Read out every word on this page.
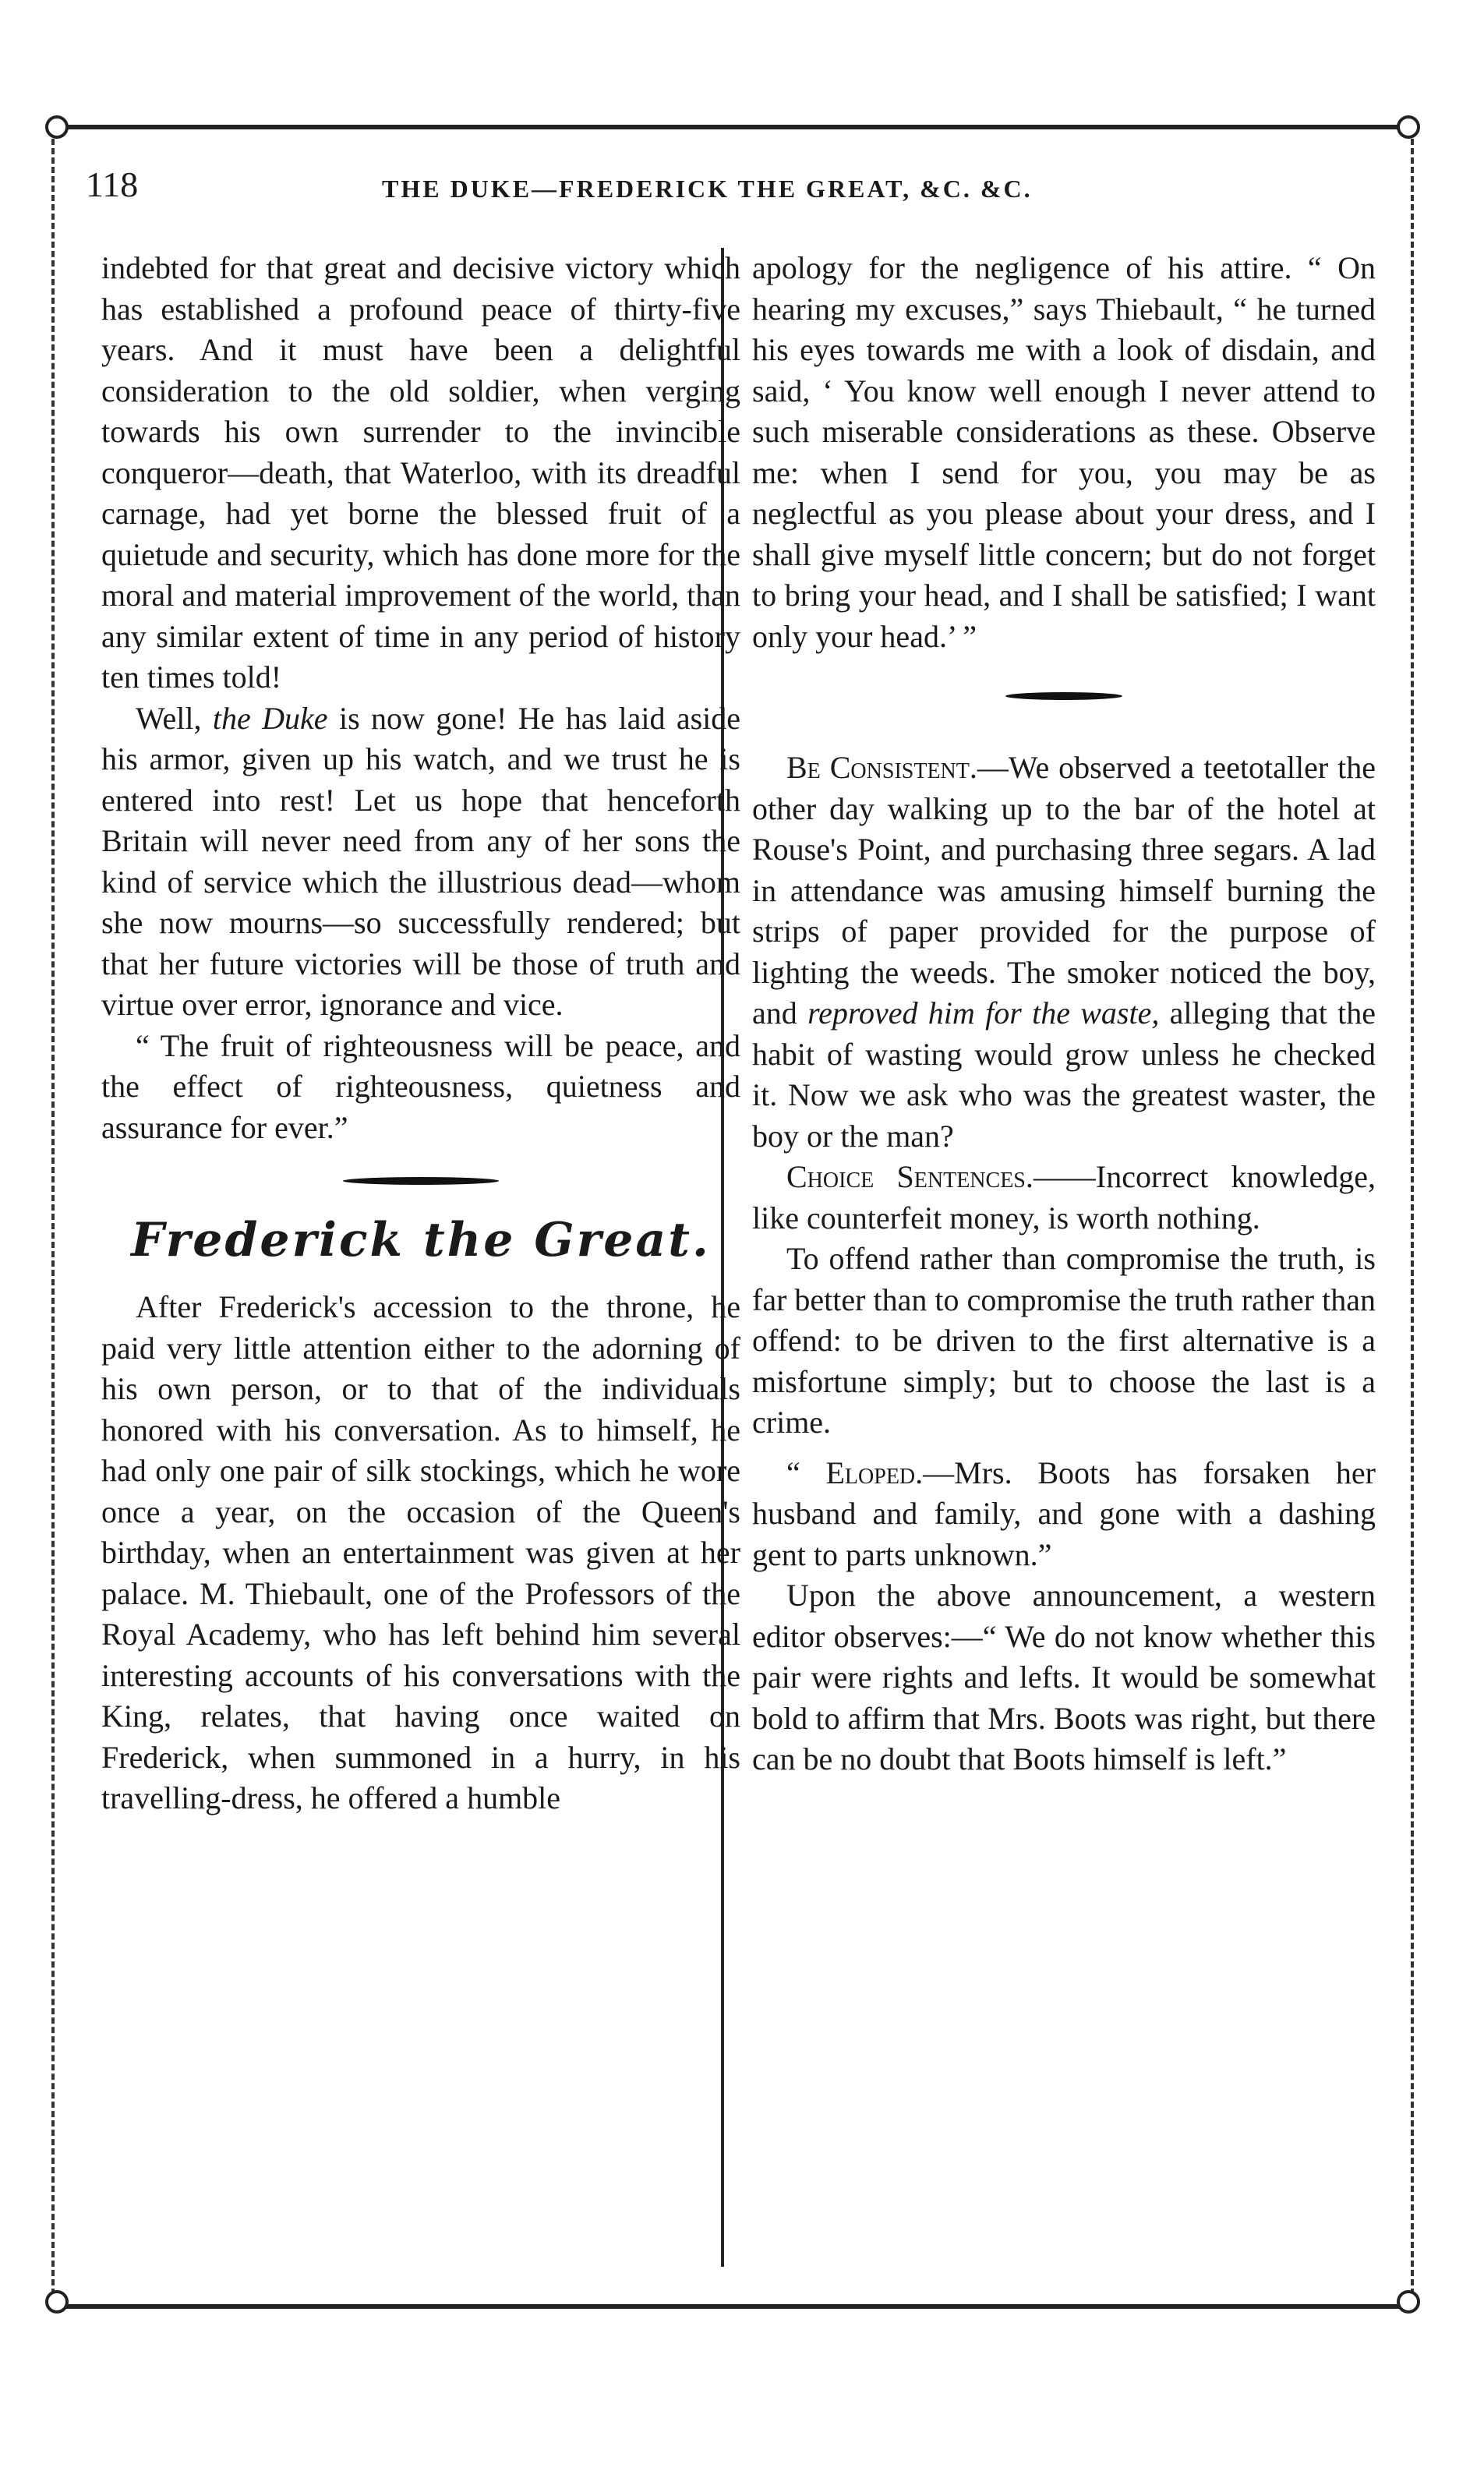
118	THE DUKE—FREDERICK THE GREAT, &C. &C.

indebted for that great and decisive victory which has established a profound peace of thirty-five years. And it must have been a delightful consideration to the old soldier, when verging towards his own surrender to the invincible conqueror—death, that Waterloo, with its dreadful carnage, had yet borne the blessed fruit of a quietude and security, which has done more for the moral and material improvement of the world, than any similar extent of time in any period of history ten times told!

Well, the Duke is now gone! He has laid aside his armor, given up his watch, and we trust he is entered into rest! Let us hope that henceforth Britain will never need from any of her sons the kind of service which the illustrious dead—whom she now mourns—so successfully rendered; but that her future victories will be those of truth and virtue over error, ignorance and vice.

“ The fruit of righteousness will be peace, and the effect of righteousness, quietness and assurance for ever.”

Frederick the Great.

After Frederick's accession to the throne, he paid very little attention either to the adorning of his own person, or to that of the individuals honored with his conversation. As to himself, he had only one pair of silk stockings, which he wore once a year, on the occasion of the Queen's birthday, when an entertainment was given at her palace. M. Thiebault, one of the Professors of the Royal Academy, who has left behind him several interesting accounts of his conversations with the King, relates, that having once waited on Frederick, when summoned in a hurry, in his travelling-dress, he offered a humble

apology for the negligence of his attire. “ On hearing my excuses,” says Thiebault, “ he turned his eyes towards me with a look of disdain, and said, ‘ You know well enough I never attend to such miserable considerations as these. Observe me: when I send for you, you may be as neglectful as you please about your dress, and I shall give myself little concern; but do not forget to bring your head, and I shall be satisfied; I want only your head.’ ”

Be Consistent.—We observed a teetotaller the other day walking up to the bar of the hotel at Rouse's Point, and purchasing three segars. A lad in attendance was amusing himself burning the strips of paper provided for the purpose of lighting the weeds. The smoker noticed the boy, and reproved him for the waste, alleging that the habit of wasting would grow unless he checked it. Now we ask who was the greatest waster, the boy or the man?

Choice Sentences.——Incorrect knowledge, like counterfeit money, is worth nothing.

To offend rather than compromise the truth, is far better than to compromise the truth rather than offend: to be driven to the first alternative is a misfortune simply; but to choose the last is a crime.

“ Eloped.—Mrs. Boots has forsaken her husband and family, and gone with a dashing gent to parts unknown.”

Upon the above announcement, a western editor observes:—“ We do not know whether this pair were rights and lefts. It would be somewhat bold to affirm that Mrs. Boots was right, but there can be no doubt that Boots himself is left.”
